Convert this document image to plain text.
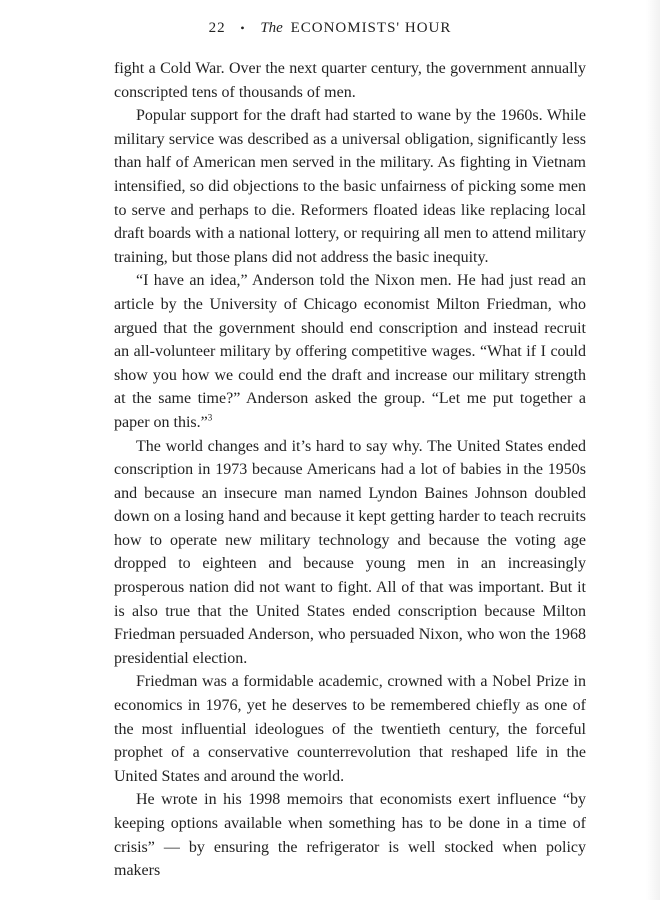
22 • The ECONOMISTS' HOUR

fight a Cold War. Over the next quarter century, the government annually conscripted tens of thousands of men.

Popular support for the draft had started to wane by the 1960s. While military service was described as a universal obligation, significantly less than half of American men served in the military. As fighting in Vietnam intensified, so did objections to the basic unfairness of picking some men to serve and perhaps to die. Reformers floated ideas like replacing local draft boards with a national lottery, or requiring all men to attend military training, but those plans did not address the basic inequity.

“I have an idea,” Anderson told the Nixon men. He had just read an article by the University of Chicago economist Milton Friedman, who argued that the government should end conscription and instead recruit an all-volunteer military by offering competitive wages. “What if I could show you how we could end the draft and increase our military strength at the same time?” Anderson asked the group. “Let me put together a paper on this.”$^3$

The world changes and it’s hard to say why. The United States ended conscription in 1973 because Americans had a lot of babies in the 1950s and because an insecure man named Lyndon Baines Johnson doubled down on a losing hand and because it kept getting harder to teach recruits how to operate new military technology and because the voting age dropped to eighteen and because young men in an increasingly prosperous nation did not want to fight. All of that was important. But it is also true that the United States ended conscription because Milton Friedman persuaded Anderson, who persuaded Nixon, who won the 1968 presidential election.

Friedman was a formidable academic, crowned with a Nobel Prize in economics in 1976, yet he deserves to be remembered chiefly as one of the most influential ideologues of the twentieth century, the forceful prophet of a conservative counterrevolution that reshaped life in the United States and around the world.

He wrote in his 1998 memoirs that economists exert influence “by keeping options available when something has to be done in a time of crisis” — by ensuring the refrigerator is well stocked when policy makers
